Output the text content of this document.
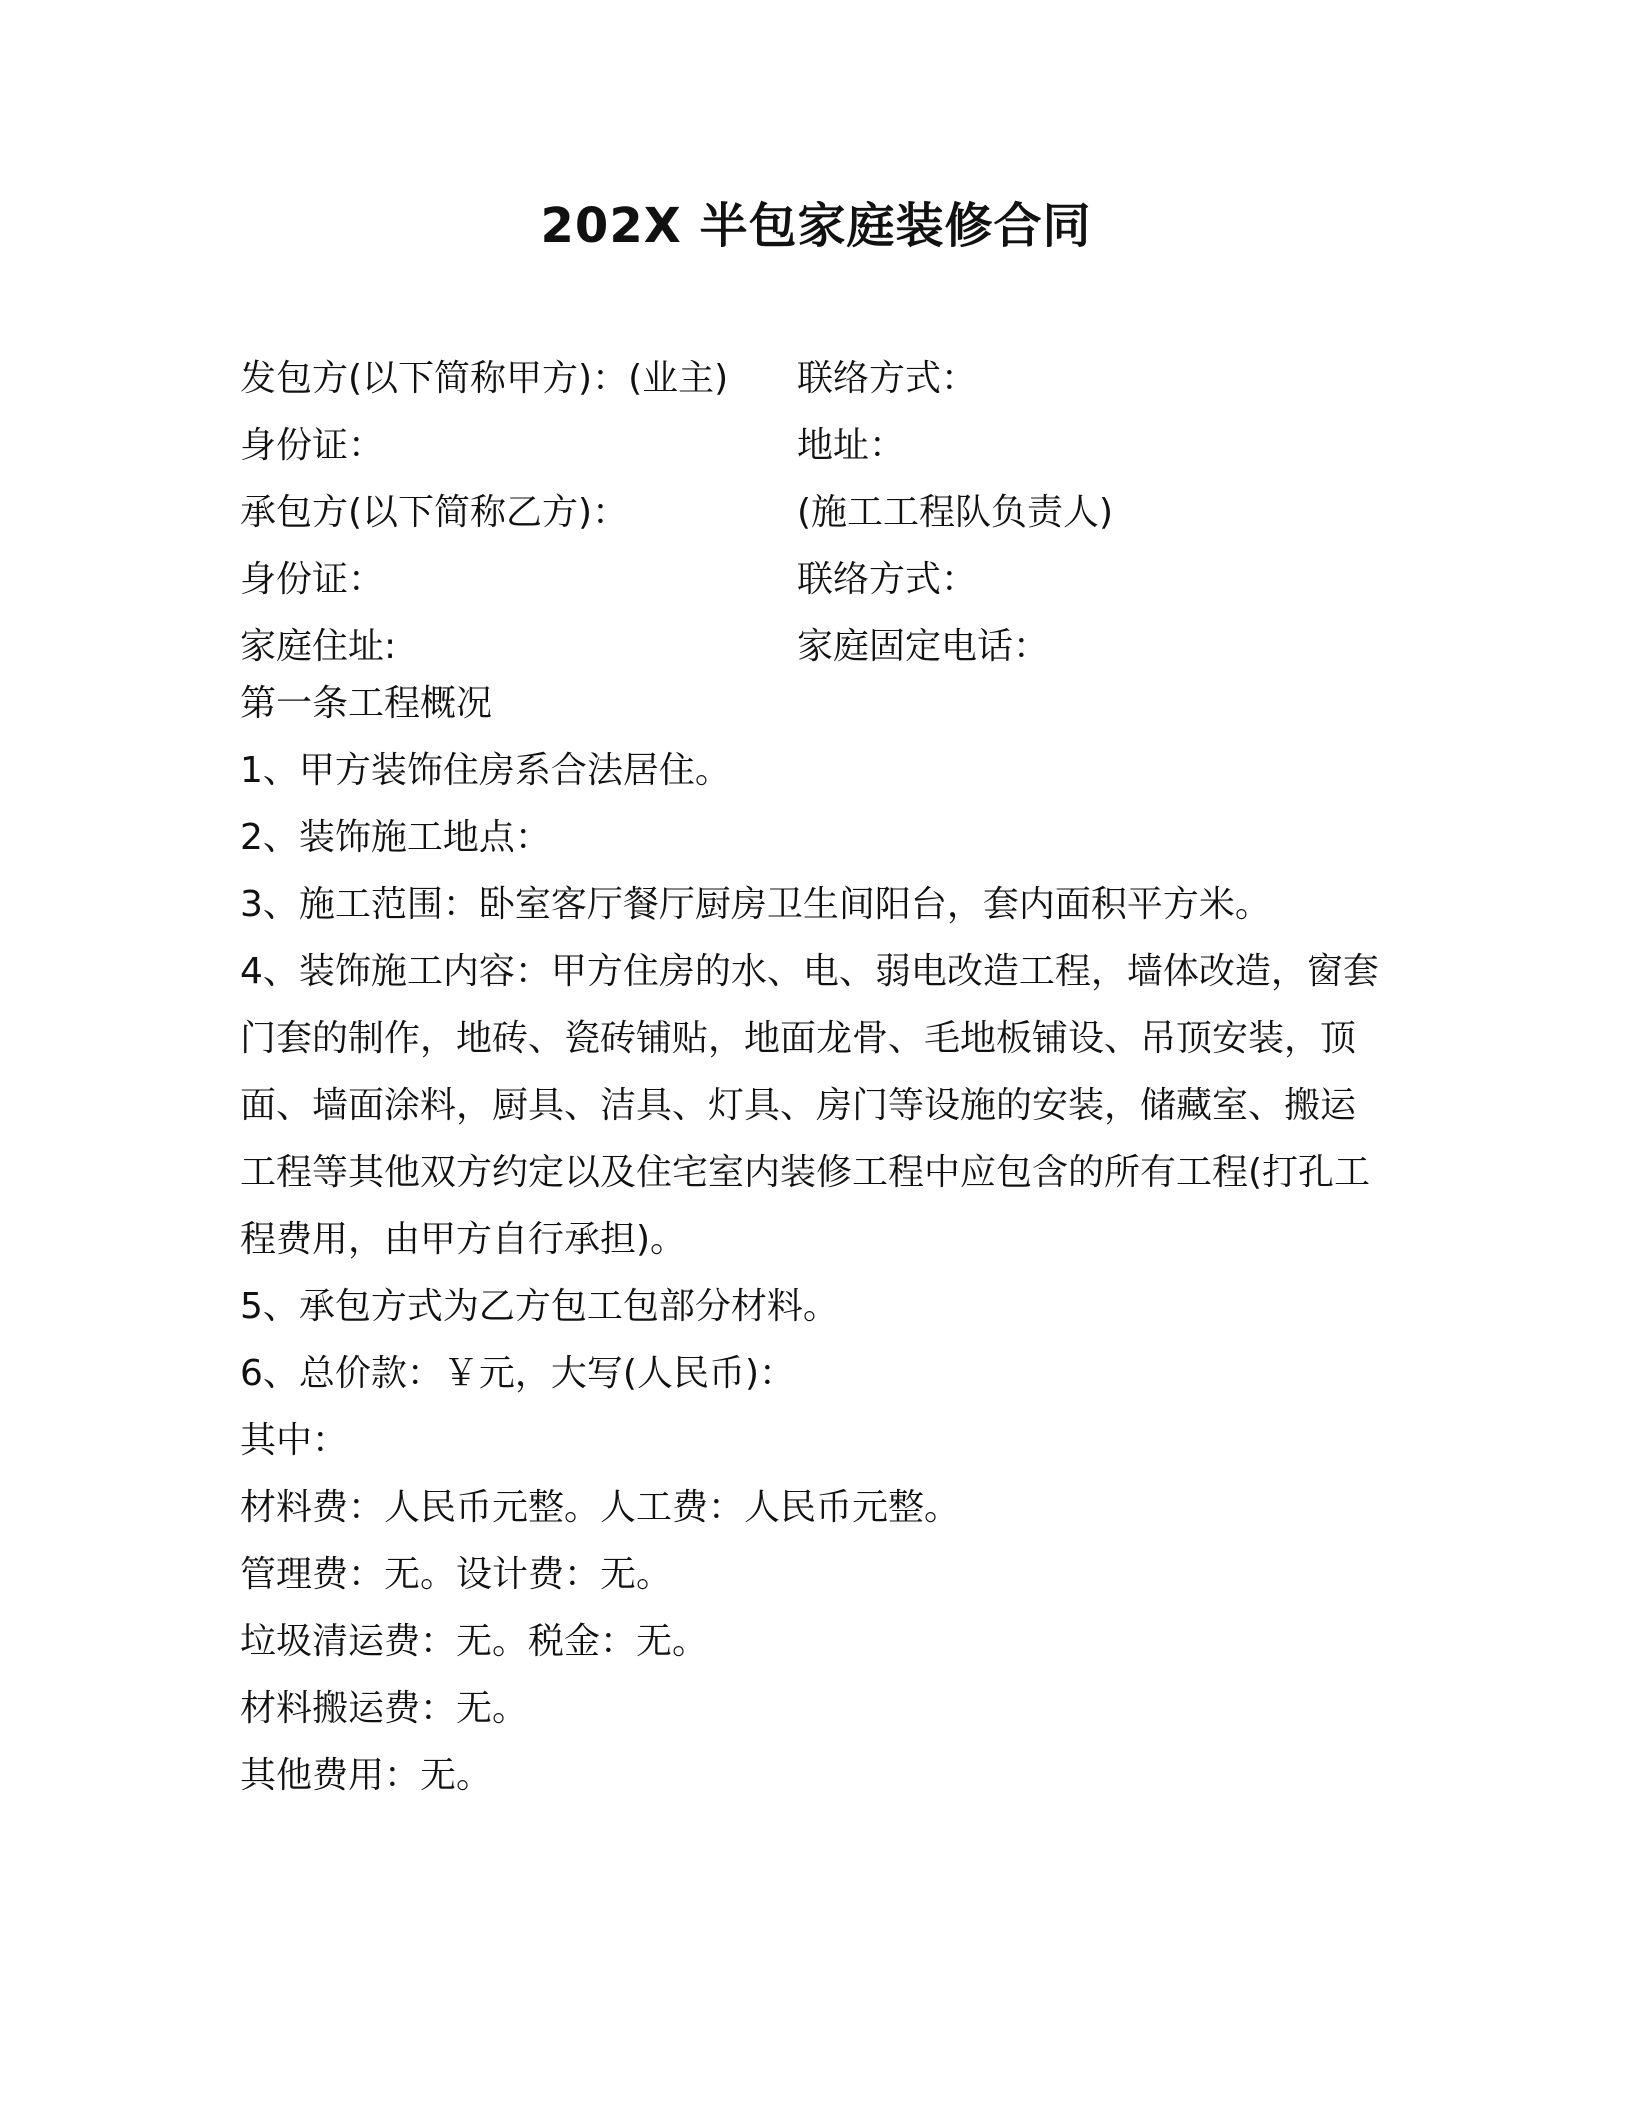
202X 半包家庭装修合同
发包方(以下简称甲方)：(业主)	联络方式：
身份证：	地址：
承包方(以下简称乙方)：	(施工工程队负责人)
身份证：	联络方式：
家庭住址:	家庭固定电话：
第一条工程概况
1、甲方装饰住房系合法居住。
2、装饰施工地点：
3、施工范围：卧室客厅餐厅厨房卫生间阳台，套内面积平方米。
4、装饰施工内容：甲方住房的水、电、弱电改造工程，墙体改造，窗套门套的制作，地砖、瓷砖铺贴，地面龙骨、毛地板铺设、吊顶安装，顶面、墙面涂料，厨具、洁具、灯具、房门等设施的安装，储藏室、搬运工程等其他双方约定以及住宅室内装修工程中应包含的所有工程(打孔工程费用，由甲方自行承担)。
5、承包方式为乙方包工包部分材料。
6、总价款：￥元，大写(人民币)：
其中：
材料费：人民币元整。人工费：人民币元整。
管理费：无。设计费：无。
垃圾清运费：无。税金：无。
材料搬运费：无。
其他费用：无。
